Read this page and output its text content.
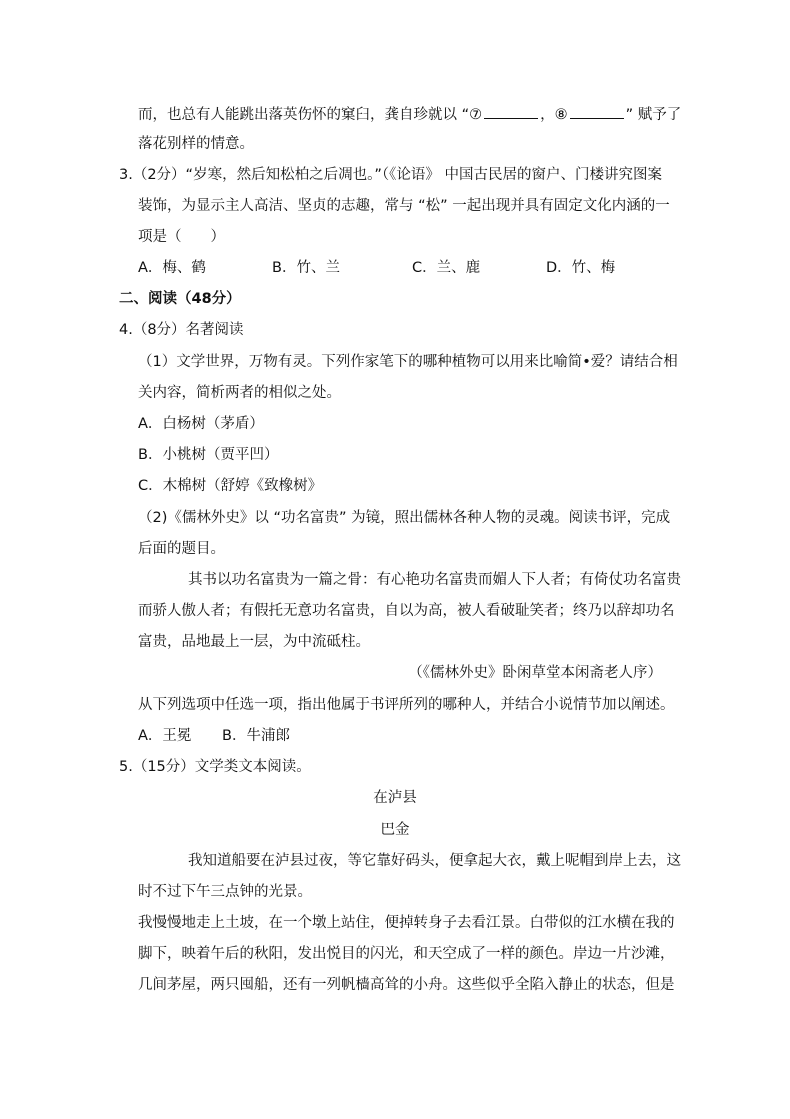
而，也总有人能跳出落英伤怀的窠臼，龚自珍就以 “⑦	，⑧	” 赋予了
落花别样的情意。
3.（2分）“岁寒，然后知松柏之后凋也。”（《论语》 中国古民居的窗户、门楼讲究图案
装饰，为显示主人高洁、坚贞的志趣，常与 “松” 一起出现并具有固定文化内涵的一
项是（　　）
A．梅、鹤	B．竹、兰	C．兰、鹿	D．竹、梅
二、阅读（48分）
4.（8分）名著阅读
（1）文学世界，万物有灵。下列作家笔下的哪种植物可以用来比喻简•爱？请结合相
关内容，简析两者的相似之处。
A．白杨树（茅盾）
B．小桃树（贾平凹）
C．木棉树（舒婷《致橡树》
（2)《儒林外史》以 “功名富贵” 为镜，照出儒林各种人物的灵魂。阅读书评，完成
后面的题目。
其书以功名富贵为一篇之骨：有心艳功名富贵而媚人下人者；有倚仗功名富贵
而骄人傲人者；有假托无意功名富贵，自以为高，被人看破耻笑者；终乃以辞却功名
富贵，品地最上一层，为中流砥柱。
（《儒林外史》卧闲草堂本闲斋老人序）
从下列选项中任选一项，指出他属于书评所列的哪种人，并结合小说情节加以阐述。
A．王冕 B．牛浦郎
5.（15分）文学类文本阅读。
在泸县
巴金
我知道船要在泸县过夜，等它靠好码头，便拿起大衣，戴上呢帽到岸上去，这
时不过下午三点钟的光景。
我慢慢地走上土坡，在一个墩上站住，便掉转身子去看江景。白带似的江水横在我的
脚下，映着午后的秋阳，发出悦目的闪光，和天空成了一样的颜色。岸边一片沙滩，
几间茅屋，两只囤船，还有一列帆樯高耸的小舟。这些似乎全陷入静止的状态，但是
